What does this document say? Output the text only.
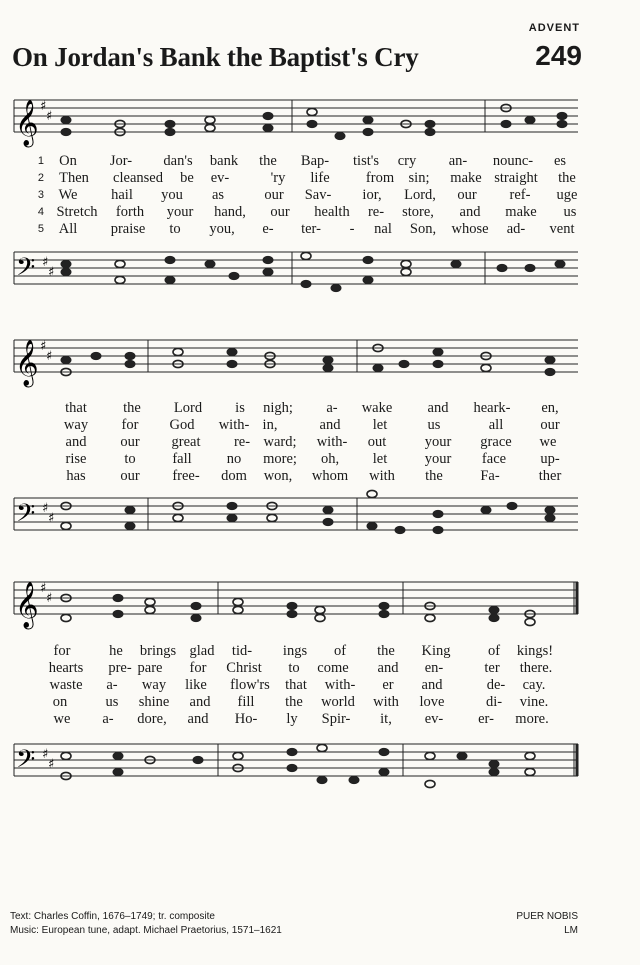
ADVENT
On Jordan's Bank the Baptist's Cry	249
𝄞 ♯
♯
1 On Jor- dan's bank the Bap- tist's cry an- nounc- es
2 Then cleansed be ev-	'ry life from sin; make straight the
3 We hail you as	our Sav- ior, Lord, our ref- uge
4 Stretch forth your hand, our health re- store, and make us
5 All praise to you, e- ter- - nal Son, whose ad- vent
𝄢 ♯
♯
𝄞 ♯
♯
that	the Lord is nigh; a- wake and heark- en,
way for God with- in,	and let	us	all	our
and our great re- ward; with- out	your grace we
rise	to	fall no more; oh, let	your face up-
has our free- dom won, whom with the	Fa-	ther
𝄢 ♯
♯
𝄞 ♯
♯
for	he brings glad tid- ings of the King	of kings!
hearts pre- pare for Christ to come and en-	ter there.
waste a- way like flow'rs that with- er and	de- cay.
on	us shine and fill the world with love	di- vine.
we a- dore, and Ho- ly Spir- it, ev- er- more.
𝄢 ♯
♯
Text: Charles Coffin, 1676–1749; tr. composite
Music: European tune, adapt. Michael Praetorius, 1571–1621
PUER NOBIS
LM
